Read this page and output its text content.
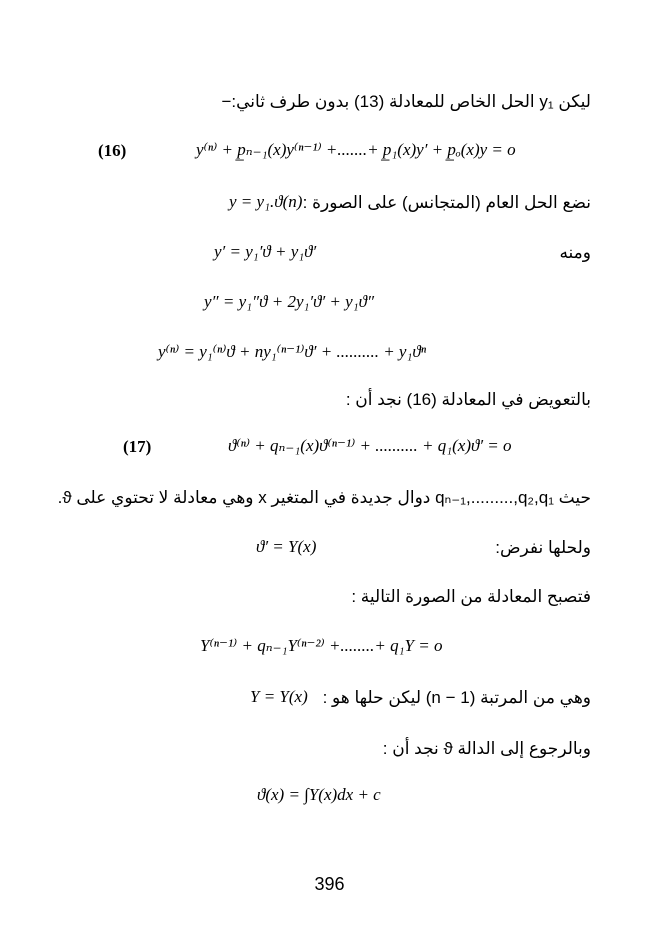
ليكن y₁ الحل الخاص للمعادلة (13) بدون طرف ثاني:−
(16)	y⁽ⁿ⁾ + p̲ₙ₋₁(x)y⁽ⁿ⁻¹⁾ +.......+ p̲₁(x)y′ + p̲ₒ(x)y = o
نضع الحل العام (المتجانس) على الصورة :
y = y₁.ϑ(n)
ومنه
y′ = y₁′ϑ + y₁ϑ′
y″ = y₁″ϑ + 2y₁′ϑ′ + y₁ϑ″
y⁽ⁿ⁾ = y₁⁽ⁿ⁾ϑ + ny₁⁽ⁿ⁻¹⁾ϑ′ + .......... + y₁ϑⁿ
بالتعويض في المعادلة (16) نجد أن :
(17)	ϑ⁽ⁿ⁾ + qₙ₋₁(x)ϑ⁽ⁿ⁻¹⁾ + .......... + q₁(x)ϑ′ = o
حيث qₙ₋₁,.........,q₂,q₁ دوال جديدة في المتغير x وهي معادلة لا تحتوي على ϑ.
ولحلها نفرض:
ϑ′ = Y(x)
فتصبح المعادلة من الصورة التالية :
Y⁽ⁿ⁻¹⁾ + qₙ₋₁Y⁽ⁿ⁻²⁾ +........+ q₁Y = o
وهي من المرتبة (n − 1) ليكن حلها هو :
Y = Y(x)
وبالرجوع إلى الدالة ϑ نجد أن :
ϑ(x) = ∫Y(x)dx + c
396
